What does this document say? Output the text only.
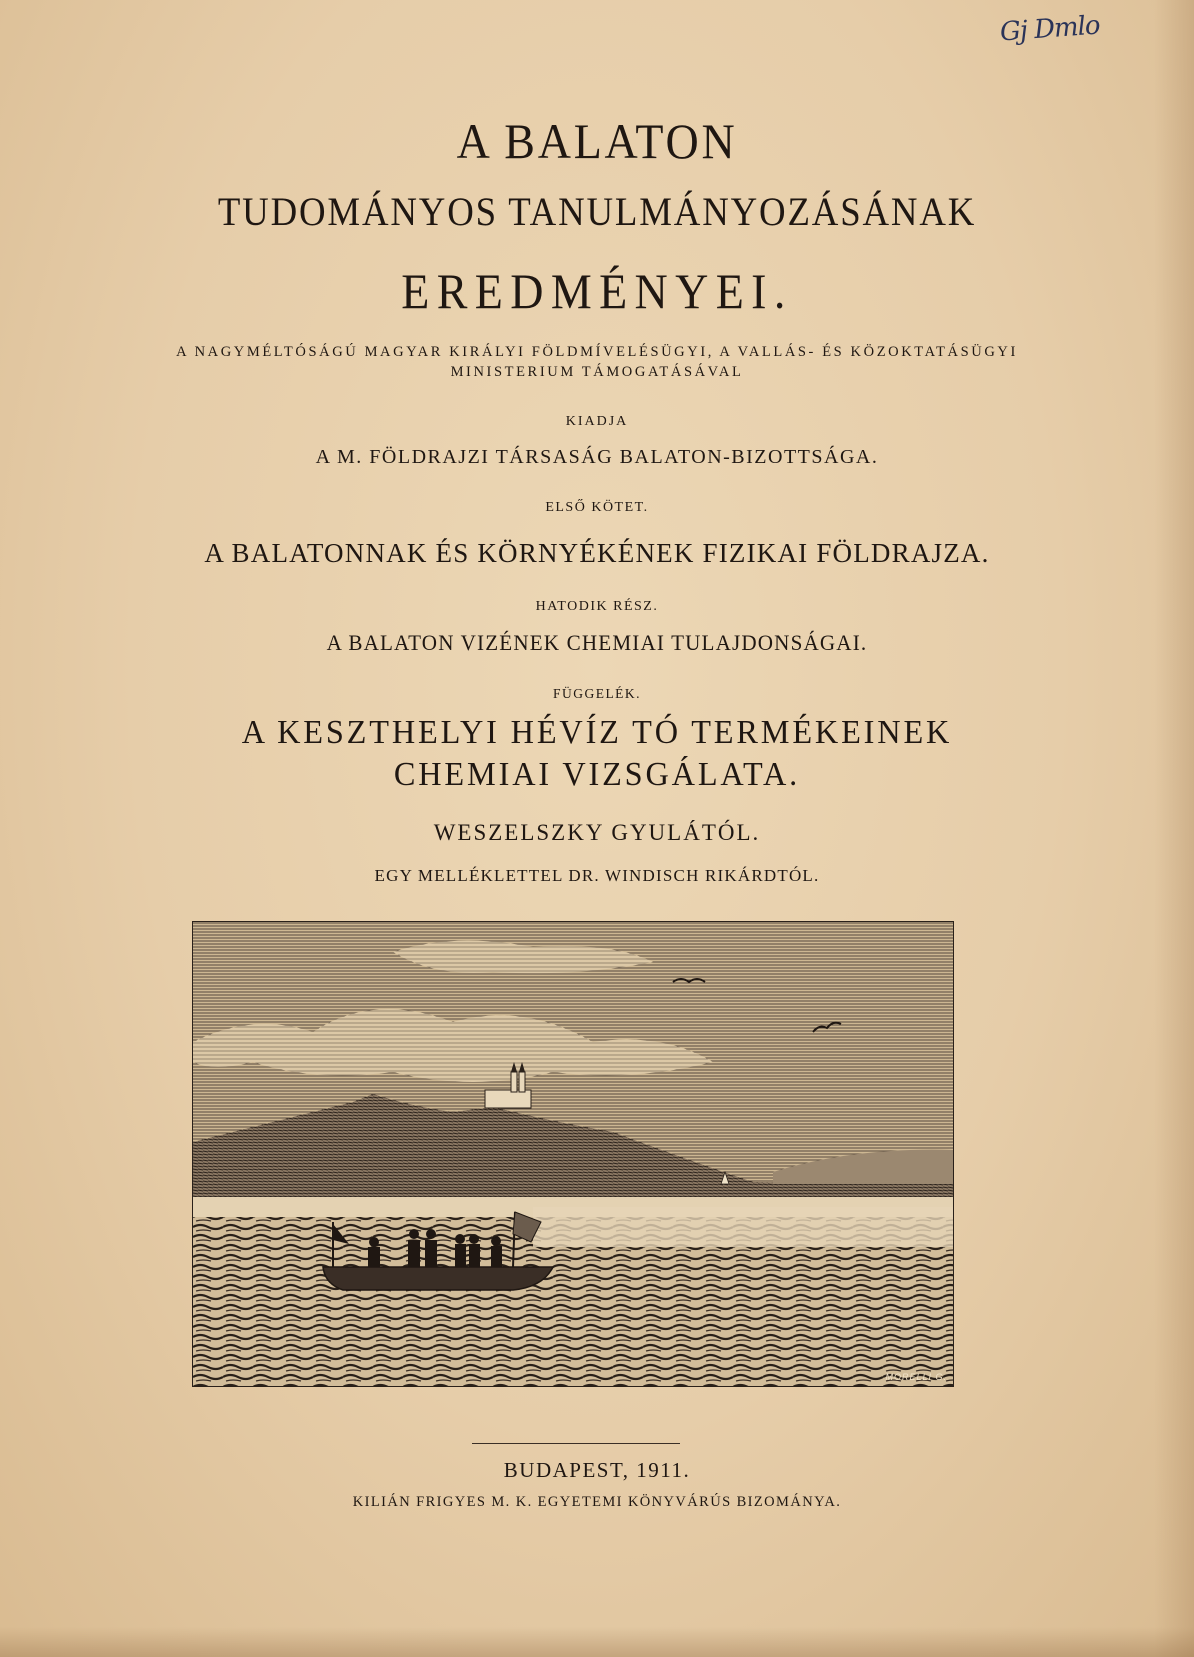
Gj Dmlo
A BALATON
TUDOMÁNYOS TANULMÁNYOZÁSÁNAK
EREDMÉNYEI.
A NAGYMÉLTÓSÁGÚ MAGYAR KIRÁLYI FÖLDMÍVELÉSÜGYI, A VALLÁS- ÉS KÖZOKTATÁSÜGYI
MINISTERIUM TÁMOGATÁSÁVAL
KIADJA
A M. FÖLDRAJZI TÁRSASÁG BALATON-BIZOTTSÁGA.
ELSŐ KÖTET.
A BALATONNAK ÉS KÖRNYÉKÉNEK FIZIKAI FÖLDRAJZA.
HATODIK RÉSZ.
A BALATON VIZÉNEK CHEMIAI TULAJDONSÁGAI.
FÜGGELÉK.
A KESZTHELYI HÉVÍZ TÓ TERMÉKEINEK
CHEMIAI VIZSGÁLATA.
WESZELSZKY GYULÁTÓL.
EGY MELLÉKLETTEL DR. WINDISCH RIKÁRDTÓL.
MORELLI G.
BUDAPEST, 1911.
KILIÁN FRIGYES M. K. EGYETEMI KÖNYVÁRÚS BIZOMÁNYA.
